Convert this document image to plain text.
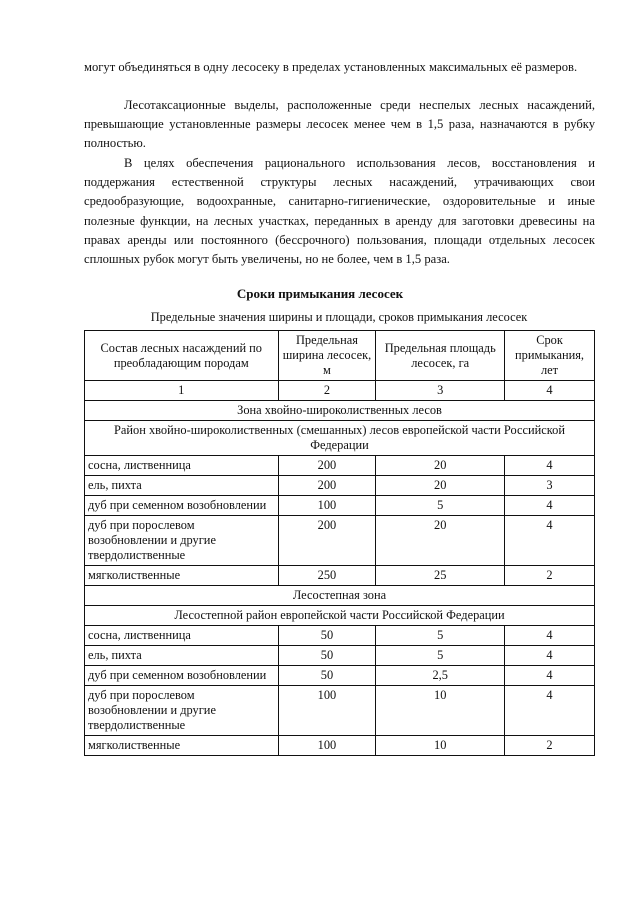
могут объединяться в одну лесосеку в пределах установленных максимальных её размеров.
Лесотаксационные выделы, расположенные среди неспелых лесных насаждений, превышающие установленные размеры лесосек менее чем в 1,5 раза, назначаются в рубку полностью.
В целях обеспечения рационального использования лесов, восстановления и поддержания естественной структуры лесных насаждений, утрачивающих свои средообразующие, водоохранные, санитарно-гигиенические, оздоровительные и иные полезные функции, на лесных участках, переданных в аренду для заготовки древесины на правах аренды или постоянного (бессрочного) пользования, площади отдельных лесосек сплошных рубок могут быть увеличены, но не более, чем в 1,5 раза.
Сроки примыкания лесосек
Предельные значения ширины и площади, сроков примыкания лесосек
Состав лесных насаждений по преобладающим породам	Предельная ширина лесосек, м	Предельная площадь лесосек, га	Срок примыкания, лет
1	2	3	4
Зона хвойно-широколиственных лесов			
Район хвойно-широколиственных (смешанных) лесов европейской части Российской Федерации			
сосна, лиственница	200	20	4
ель, пихта	200	20	3
дуб при семенном возобновлении	100	5	4
дуб при порослевом возобновлении и другие твердолиственные	200	20	4
мягколиственные	250	25	2
Лесостепная зона			
Лесостепной район европейской части Российской Федерации			
сосна, лиственница	50	5	4
ель, пихта	50	5	4
дуб при семенном возобновлении	50	2,5	4
дуб при порослевом возобновлении и другие твердолиственные	100	10	4
мягколиственные	100	10	2
